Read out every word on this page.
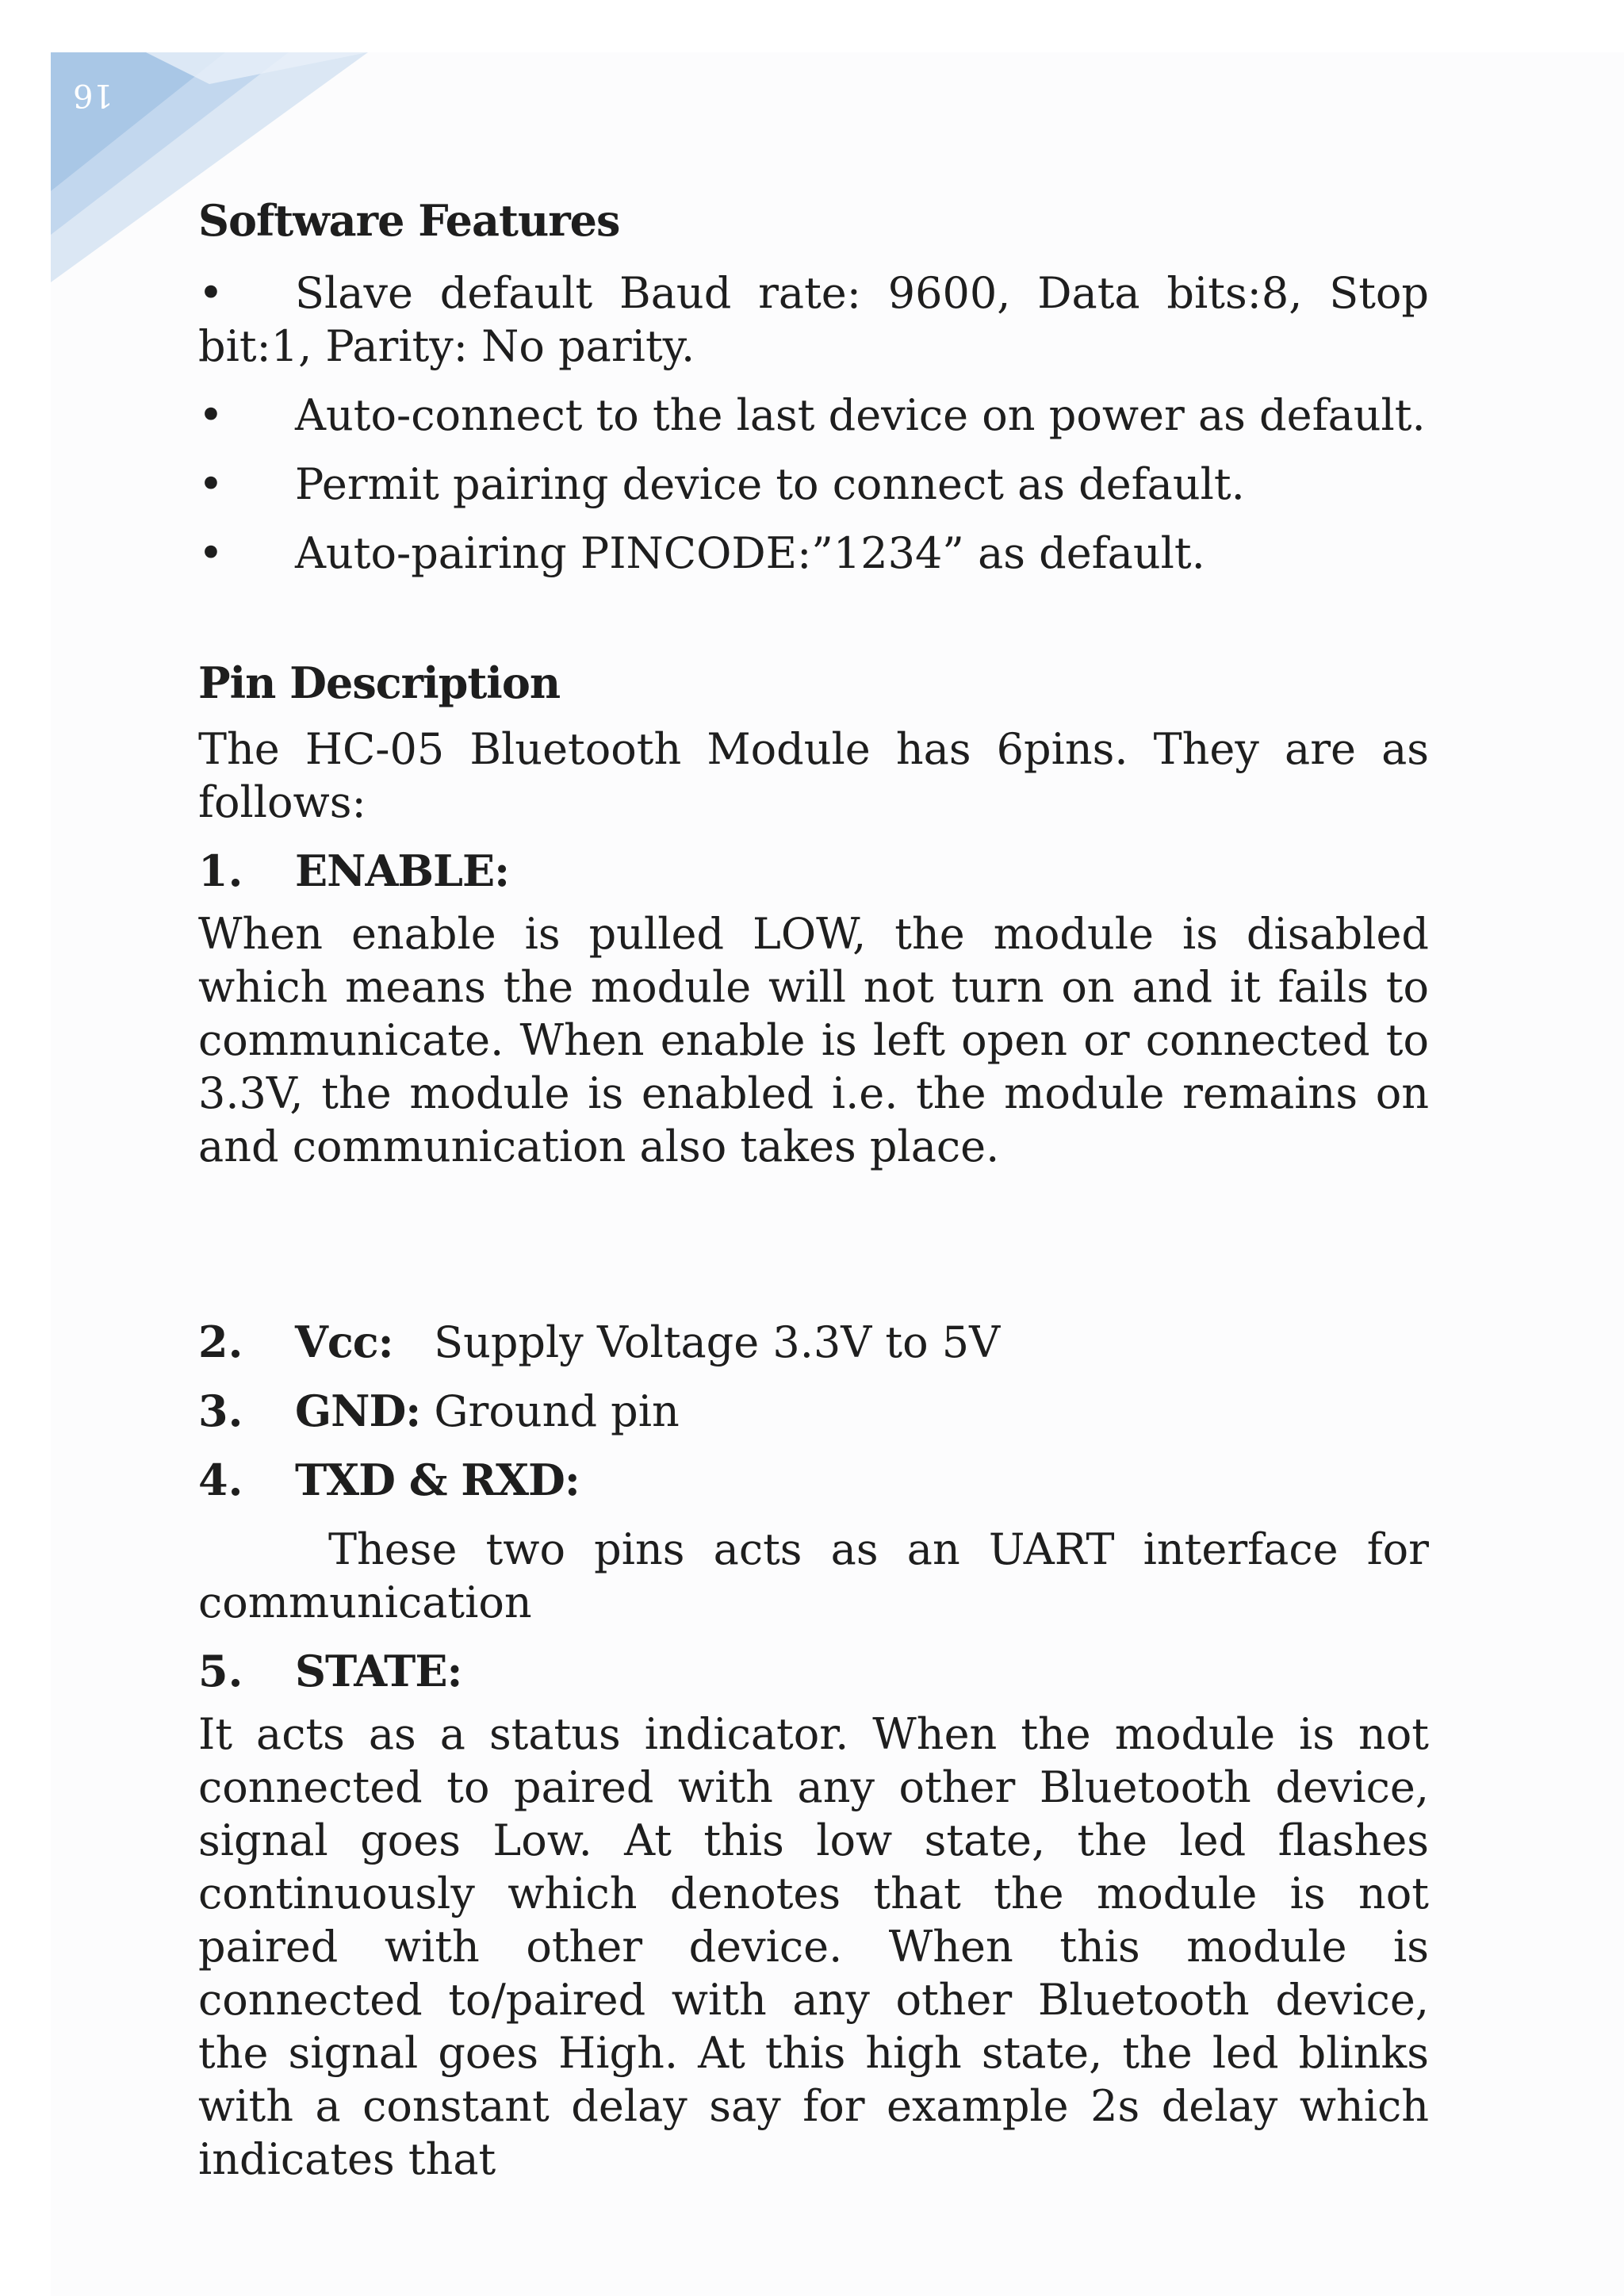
16
Software Features

• Slave default Baud rate: 9600, Data bits:8, Stop bit:1, Parity: No parity.

• Auto-connect to the last device on power as default.

• Permit pairing device to connect as default.

• Auto-pairing PINCODE:”1234” as default.

Pin Description

The HC-05 Bluetooth Module has 6pins. They are as follows:

1. ENABLE:

When enable is pulled LOW, the module is disabled which means the module will not turn on and it fails to communicate. When enable is left open or connected to 3.3V, the module is enabled i.e. the module remains on and communication also takes place.

2. Vcc: Supply Voltage 3.3V to 5V
3. GND: Ground pin
4. TXD & RXD:

These two pins acts as an UART interface for communication

5. STATE:

It acts as a status indicator. When the module is not connected to paired with any other Bluetooth device, signal goes Low. At this low state, the led flashes continuously which denotes that the module is not paired with other device. When this module is connected to/paired with any other Bluetooth device, the signal goes High. At this high state, the led blinks with a constant delay say for example 2s delay which indicates that
